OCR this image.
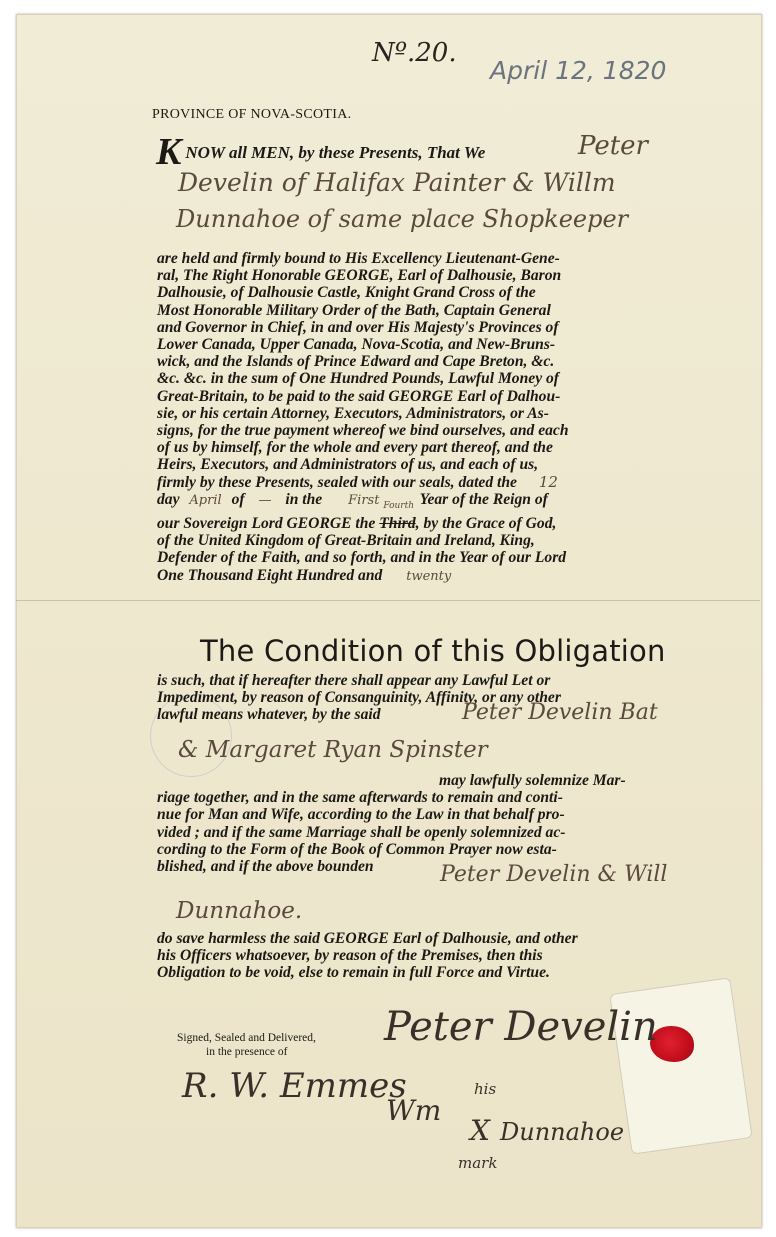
Nº.20.
April 12, 1820
PROVINCE OF NOVA-SCOTIA.
K NOW all MEN, by these Presents, That We	Peter
Develin of Halifax Painter & Willm
Dunnahoe of same place Shopkeeper
are held and firmly bound to His Excellency Lieutenant-Gene-
ral, The Right Honorable GEORGE, Earl of Dalhousie, Baron
Dalhousie, of Dalhousie Castle, Knight Grand Cross of the
Most Honorable Military Order of the Bath, Captain General
and Governor in Chief, in and over His Majesty's Provinces of
Lower Canada, Upper Canada, Nova-Scotia, and New-Bruns-
wick, and the Islands of Prince Edward and Cape Breton, &c.
&c. &c. in the sum of One Hundred Pounds, Lawful Money of
Great-Britain, to be paid to the said GEORGE Earl of Dalhou-
sie, or his certain Attorney, Executors, Administrators, or As-
signs, for the true payment whereof we bind ourselves, and each
of us by himself, for the whole and every part thereof, and the
Heirs, Executors, and Administrators of us, and each of us,
firmly by these Presents, sealed with our seals, dated the 12
day April of — in the First $_{Fourth}$ Year of the Reign of
our Sovereign Lord GEORGE the Third, by the Grace of God,
of the United Kingdom of Great-Britain and Ireland, King,
Defender of the Faith, and so forth, and in the Year of our Lord
One Thousand Eight Hundred and twenty
The Condition of this Obligation
is such, that if hereafter there shall appear any Lawful Let or
Impediment, by reason of Consanguinity, Affinity, or any other
lawful means whatever, by the said	Peter Develin Bat
& Margaret Ryan Spinster
may lawfully solemnize Mar-
riage together, and in the same afterwards to remain and conti-
nue for Man and Wife, according to the Law in that behalf pro-
vided ; and if the same Marriage shall be openly solemnized ac-
cording to the Form of the Book of Common Prayer now esta-
blished, and if the above bounden	Peter Develin & Will
Dunnahoe.
do save harmless the said GEORGE Earl of Dalhousie, and other
his Officers whatsoever, by reason of the Premises, then this
Obligation to be void, else to remain in full Force and Virtue.
Signed, Sealed and Delivered,
in the presence of
Peter Develin
R. W. Emmes
Wm
his
X Dunnahoe
mark
